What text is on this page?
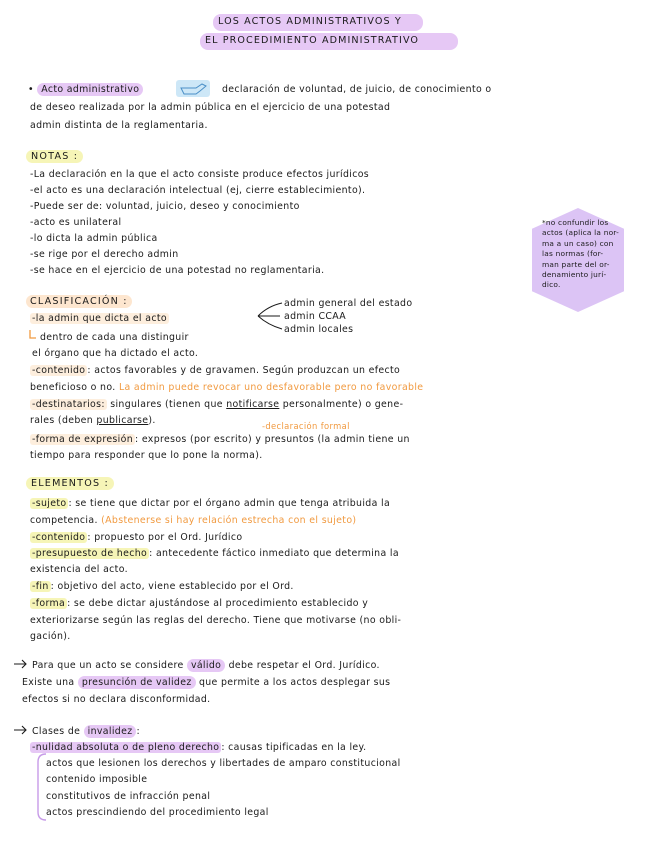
LOS ACTOS ADMINISTRATIVOS Y
EL PROCEDIMIENTO ADMINISTRATIVO
• Acto administrativo	declaración de voluntad, de juicio, de conocimiento o
de deseo realizada por la admin pública en el ejercicio de una potestad
admin distinta de la reglamentaria.
NOTAS :
-La declaración en la que el acto consiste produce efectos jurídicos
-el acto es una declaración intelectual (ej, cierre establecimiento).
-Puede ser de: voluntad, juicio, deseo y conocimiento
-acto es unilateral
-lo dicta la admin pública
-se rige por el derecho admin
-se hace en el ejercicio de una potestad no reglamentaria.
*no confundir los
actos (aplica la nor-
ma a un caso) con
las normas (for-
man parte del or-
denamiento jurí-
dico.
CLASIFICACIÓN :
-la admin que dicta el acto
admin general del estado
admin CCAA
admin locales
dentro de cada una distinguir
el órgano que ha dictado el acto.
-contenido : actos favorables y de gravamen. Según produzcan un efecto
beneficioso o no. La admin puede revocar uno desfavorable pero no favorable
-destinatarios: singulares (tienen que notificarse personalmente) o gene-
rales (deben publicarse).	-declaración formal
-forma de expresión : expresos (por escrito) y presuntos (la admin tiene un
tiempo para responder que lo pone la norma).
ELEMENTOS :
-sujeto : se tiene que dictar por el órgano admin que tenga atribuida la
competencia. (Abstenerse si hay relación estrecha con el sujeto)
-contenido : propuesto por el Ord. Jurídico
-presupuesto de hecho : antecedente fáctico inmediato que determina la
existencia del acto.
-fin : objetivo del acto, viene establecido por el Ord.
-forma : se debe dictar ajustándose al procedimiento establecido y
exteriorizarse según las reglas del derecho. Tiene que motivarse (no obli-
gación).
Para que un acto se considere válido debe respetar el Ord. Jurídico.
Existe una presunción de validez que permite a los actos desplegar sus
efectos si no declara disconformidad.
Clases de invalidez :
-nulidad absoluta o de pleno derecho : causas tipificadas en la ley.
actos que lesionen los derechos y libertades de amparo constitucional
contenido imposible
constitutivos de infracción penal
actos prescindiendo del procedimiento legal
